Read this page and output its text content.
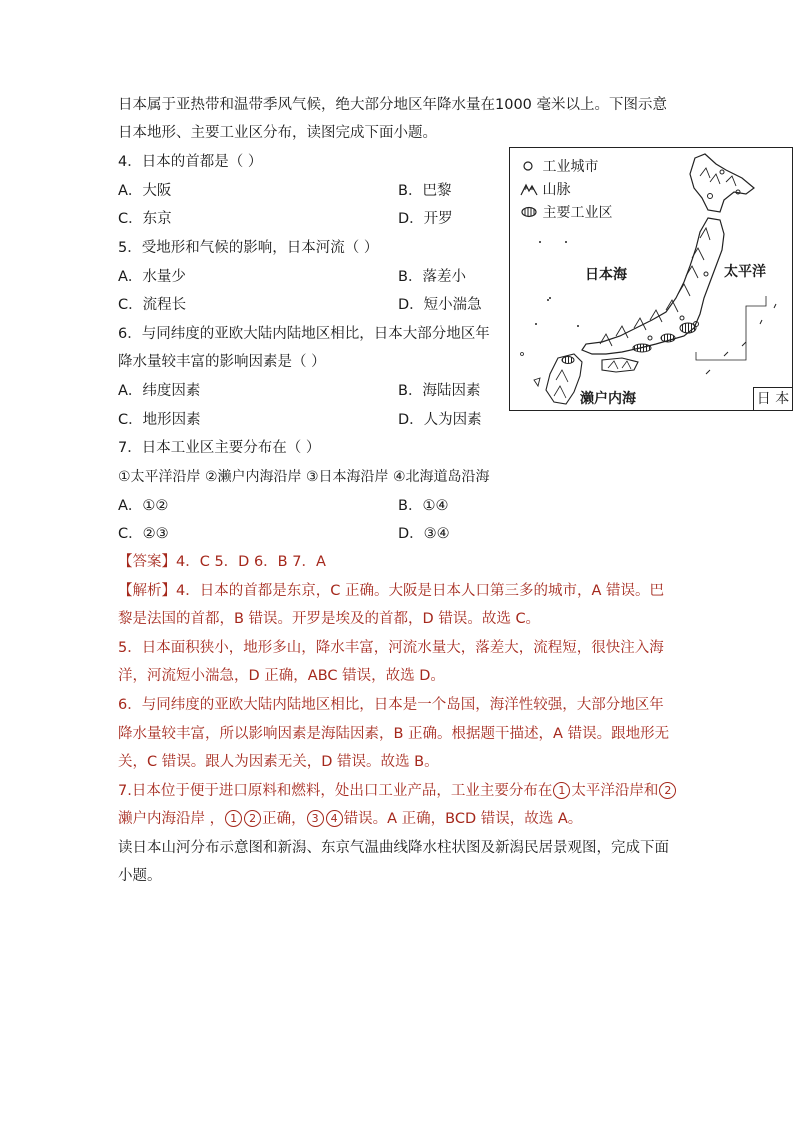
日本属于亚热带和温带季风气候，绝大部分地区年降水量在1000 毫米以上。下图示意
日本地形、主要工业区分布，读图完成下面小题。
4．日本的首都是（ ）
A．大阪	B．巴黎
C．东京	D．开罗
5．受地形和气候的影响，日本河流（ ）
A．水量少	B．落差小
C．流程长	D．短小湍急
6．与同纬度的亚欧大陆内陆地区相比，日本大部分地区年
降水量较丰富的影响因素是（ ）
A．纬度因素	B．海陆因素
C．地形因素	D．人为因素
7．日本工业区主要分布在（ ）
①太平洋沿岸 ②濑户内海沿岸 ③日本海沿岸 ④北海道岛沿海
A．①②	B．①④
C．②③	D．③④
【答案】4．C 5．D 6．B 7．A
【解析】4．日本的首都是东京，C 正确。大阪是日本人口第三多的城市，A 错误。巴
黎是法国的首都，B 错误。开罗是埃及的首都，D 错误。故选 C。
5．日本面积狭小，地形多山，降水丰富，河流水量大，落差大，流程短，很快注入海
洋，河流短小湍急，D 正确，ABC 错误，故选 D。
6．与同纬度的亚欧大陆内陆地区相比，日本是一个岛国，海洋性较强，大部分地区年
降水量较丰富，所以影响因素是海陆因素，B 正确。根据题干描述，A 错误。跟地形无
关，C 错误。跟人为因素无关，D 错误。故选 B。
7.日本位于便于进口原料和燃料，处出口工业产品，工业主要分布在 1 太平洋沿岸和 2
濑户内海沿岸 ， 1 2 正确， 3 4 错误。A 正确，BCD 错误，故选 A。
读日本山河分布示意图和新潟、东京气温曲线降水柱状图及新潟民居景观图，完成下面
小题。
工业城市
山脉
主要工业区
日本海	太平洋
濑户内海	日 本
